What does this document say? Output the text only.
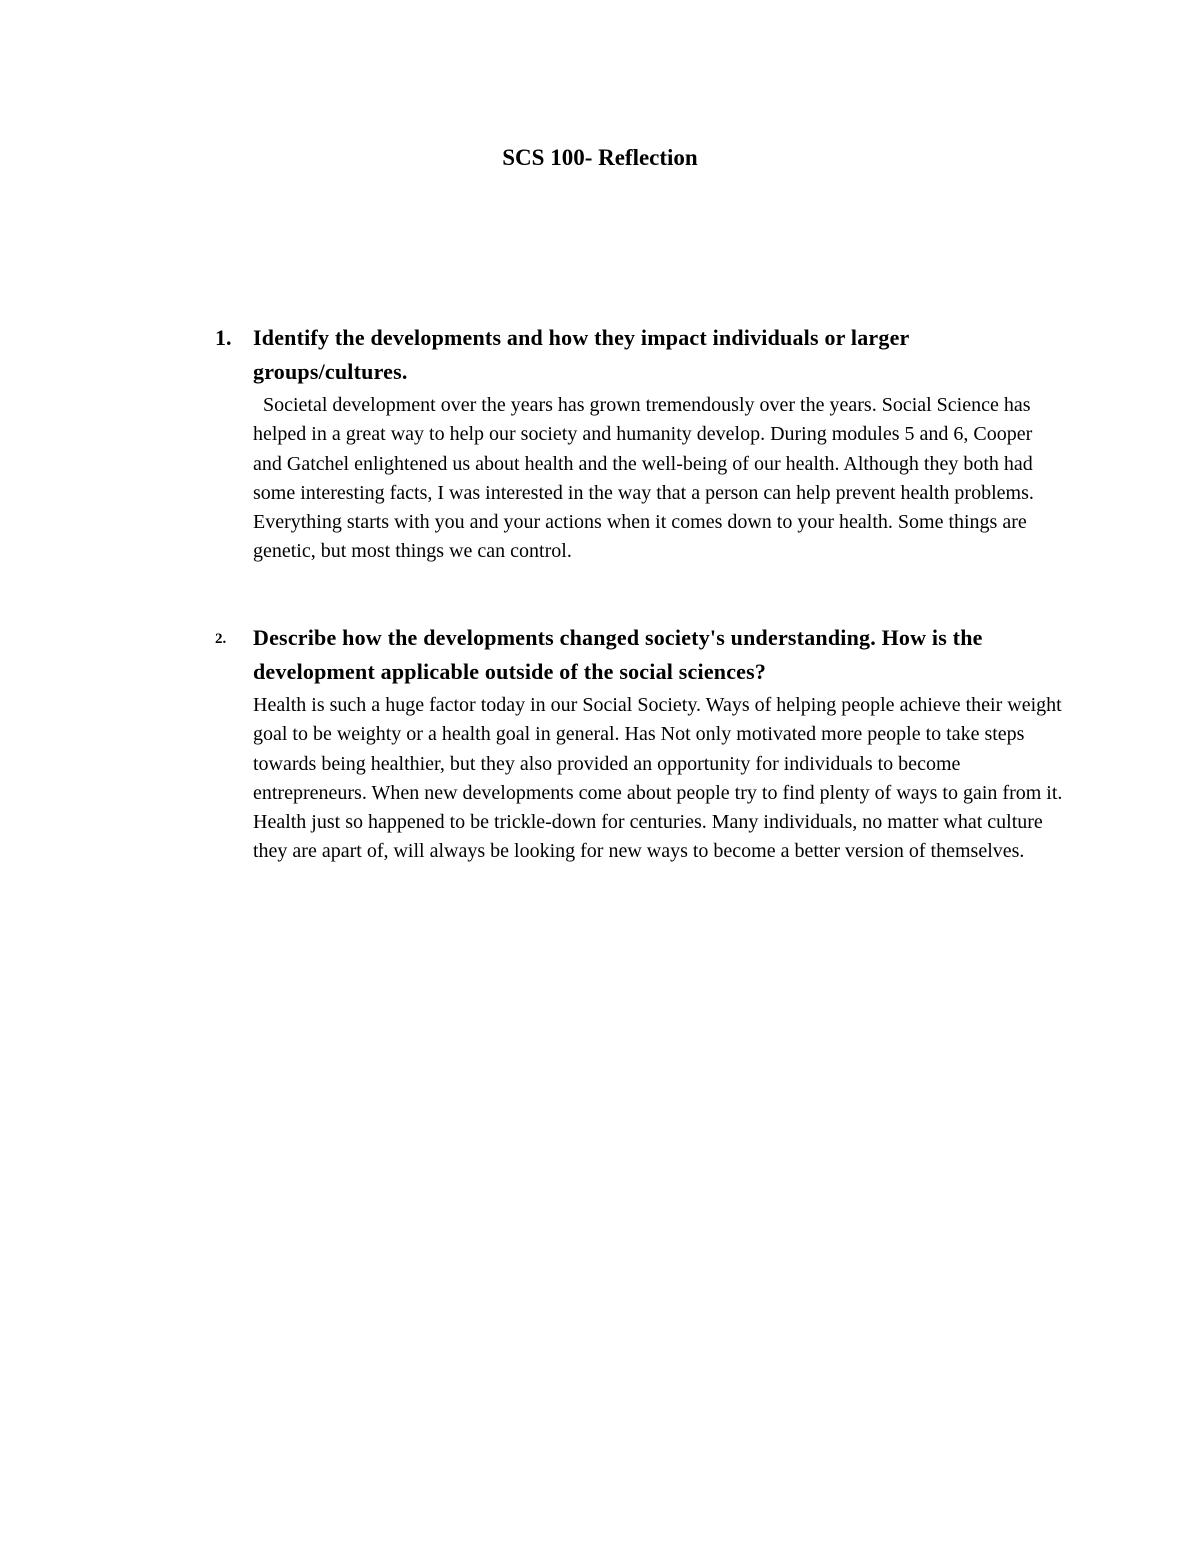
SCS 100- Reflection
1. Identify the developments and how they impact individuals or larger groups/cultures.
Societal development over the years has grown tremendously over the years. Social Science has helped in a great way to help our society and humanity develop. During modules 5 and 6, Cooper and Gatchel enlightened us about health and the well-being of our health. Although they both had some interesting facts, I was interested in the way that a person can help prevent health problems. Everything starts with you and your actions when it comes down to your health. Some things are genetic, but most things we can control.
2. Describe how the developments changed society's understanding. How is the development applicable outside of the social sciences?
Health is such a huge factor today in our Social Society. Ways of helping people achieve their weight goal to be weighty or a health goal in general. Has Not only motivated more people to take steps towards being healthier, but they also provided an opportunity for individuals to become entrepreneurs. When new developments come about people try to find plenty of ways to gain from it. Health just so happened to be trickle-down for centuries. Many individuals, no matter what culture they are apart of, will always be looking for new ways to become a better version of themselves.
